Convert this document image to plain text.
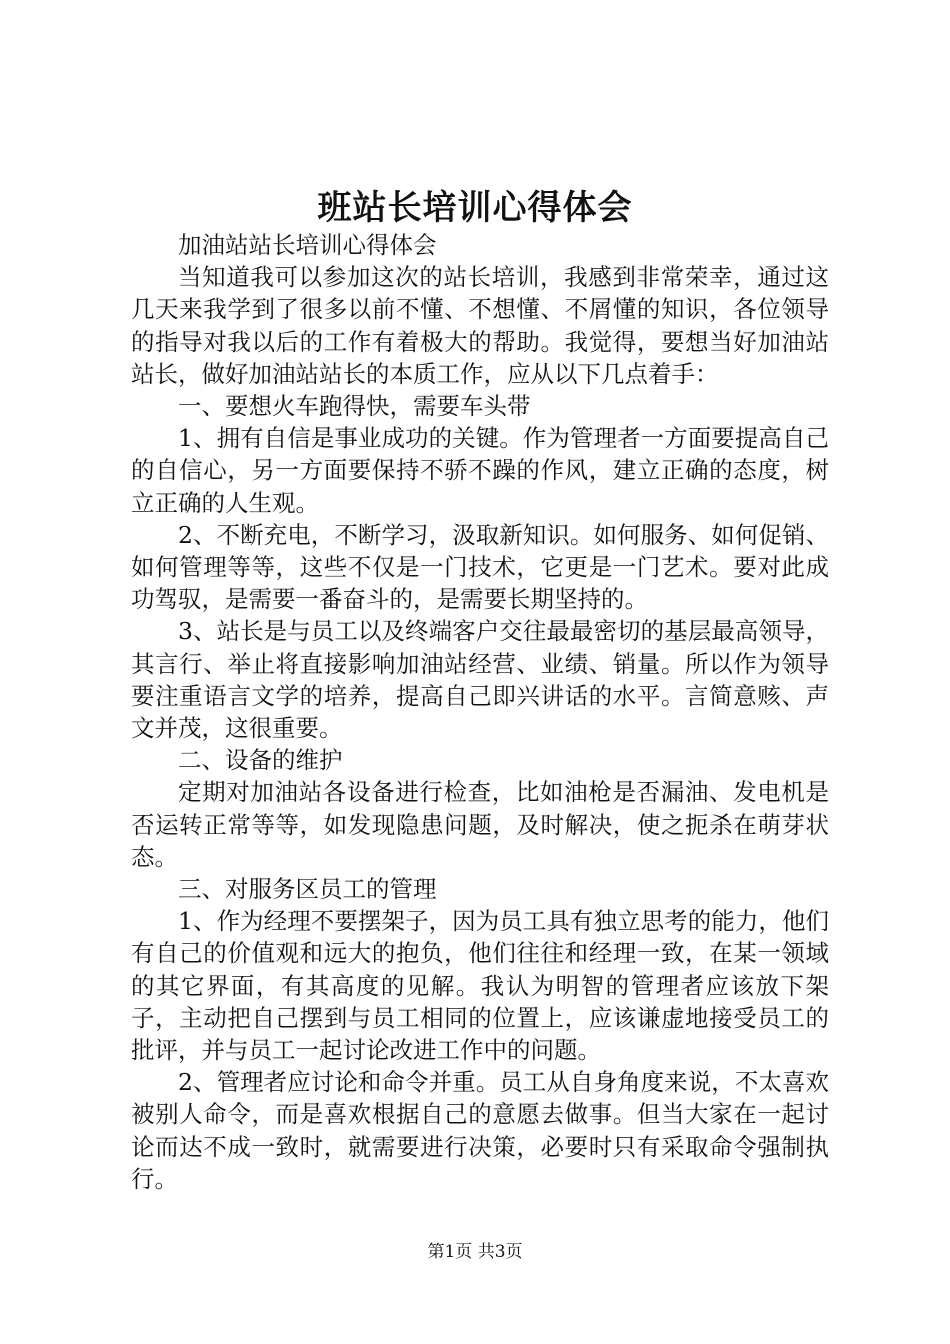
班站长培训心得体会

加油站站长培训心得体会

当知道我可以参加这次的站长培训，我感到非常荣幸，通过这几天来我学到了很多以前不懂、不想懂、不屑懂的知识，各位领导的指导对我以后的工作有着极大的帮助。我觉得，要想当好加油站站长，做好加油站站长的本质工作，应从以下几点着手：

一、要想火车跑得快，需要车头带

1、拥有自信是事业成功的关键。作为管理者一方面要提高自己的自信心，另一方面要保持不骄不躁的作风，建立正确的态度，树立正确的人生观。

2、不断充电，不断学习，汲取新知识。如何服务、如何促销、如何管理等等，这些不仅是一门技术，它更是一门艺术。要对此成功驾驭，是需要一番奋斗的，是需要长期坚持的。

3、站长是与员工以及终端客户交往最最密切的基层最高领导，其言行、举止将直接影响加油站经营、业绩、销量。所以作为领导要注重语言文学的培养，提高自己即兴讲话的水平。言简意赅、声文并茂，这很重要。

二、设备的维护

定期对加油站各设备进行检查，比如油枪是否漏油、发电机是否运转正常等等，如发现隐患问题，及时解决，使之扼杀在萌芽状态。

三、对服务区员工的管理

1、作为经理不要摆架子，因为员工具有独立思考的能力，他们有自己的价值观和远大的抱负，他们往往和经理一致，在某一领域的其它界面，有其高度的见解。我认为明智的管理者应该放下架子，主动把自己摆到与员工相同的位置上，应该谦虚地接受员工的批评，并与员工一起讨论改进工作中的问题。

2、管理者应讨论和命令并重。员工从自身角度来说，不太喜欢被别人命令，而是喜欢根据自己的意愿去做事。但当大家在一起讨论而达不成一致时，就需要进行决策，必要时只有采取命令强制执行。

第1页 共3页
